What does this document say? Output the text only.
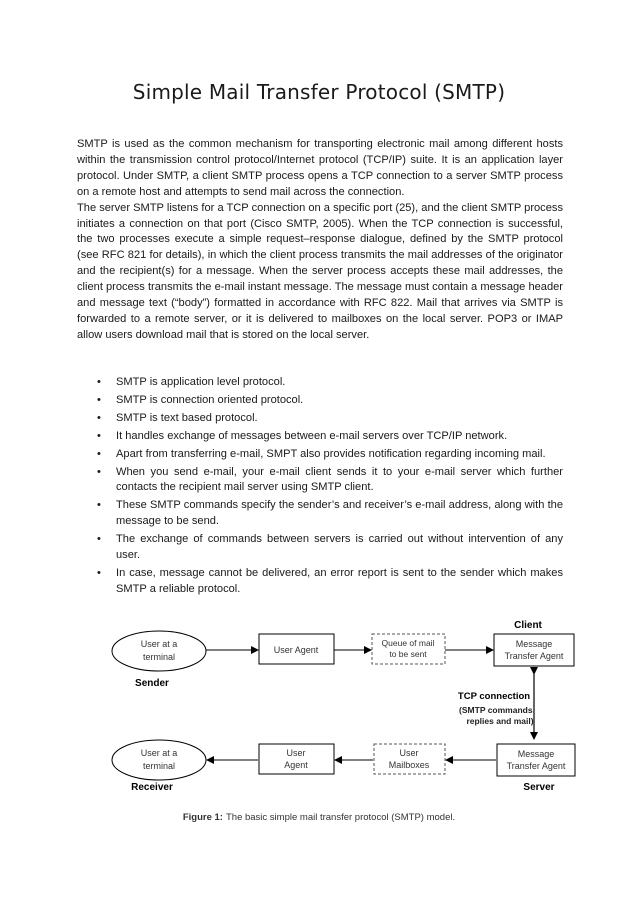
Simple Mail Transfer Protocol (SMTP)

SMTP is used as the common mechanism for transporting electronic mail among different hosts within the transmission control protocol/Internet protocol (TCP/IP) suite. It is an application layer protocol. Under SMTP, a client SMTP process opens a TCP connection to a server SMTP process on a remote host and attempts to send mail across the connection.

The server SMTP listens for a TCP connection on a specific port (25), and the client SMTP process initiates a connection on that port (Cisco SMTP, 2005). When the TCP connection is successful, the two processes execute a simple request–response dialogue, defined by the SMTP protocol (see RFC 821 for details), in which the client process transmits the mail addresses of the originator and the recipient(s) for a message. When the server process accepts these mail addresses, the client process transmits the e-mail instant message. The message must contain a message header and message text (“body”) formatted in accordance with RFC 822. Mail that arrives via SMTP is forwarded to a remote server, or it is delivered to mailboxes on the local server. POP3 or IMAP allow users download mail that is stored on the local server.

• SMTP is application level protocol.
• SMTP is connection oriented protocol.
• SMTP is text based protocol.
• It handles exchange of messages between e-mail servers over TCP/IP network.
• Apart from transferring e-mail, SMPT also provides notification regarding incoming mail.
• When you send e-mail, your e-mail client sends it to your e-mail server which further contacts the recipient mail server using SMTP client.
• These SMTP commands specify the sender’s and receiver’s e-mail address, along with the message to be send.
• The exchange of commands between servers is carried out without intervention of any user.
• In case, message cannot be delivered, an error report is sent to the sender which makes SMTP a reliable protocol.
Client
User at a
terminal
User Agent
Queue of mail
to be sent
Message
Transfer Agent
Sender
TCP connection
(SMTP commands,
replies and mail)
User at a
terminal
User
Agent
User
Mailboxes
Message
Transfer Agent
Receiver	Server
Figure 1: The basic simple mail transfer protocol (SMTP) model.
